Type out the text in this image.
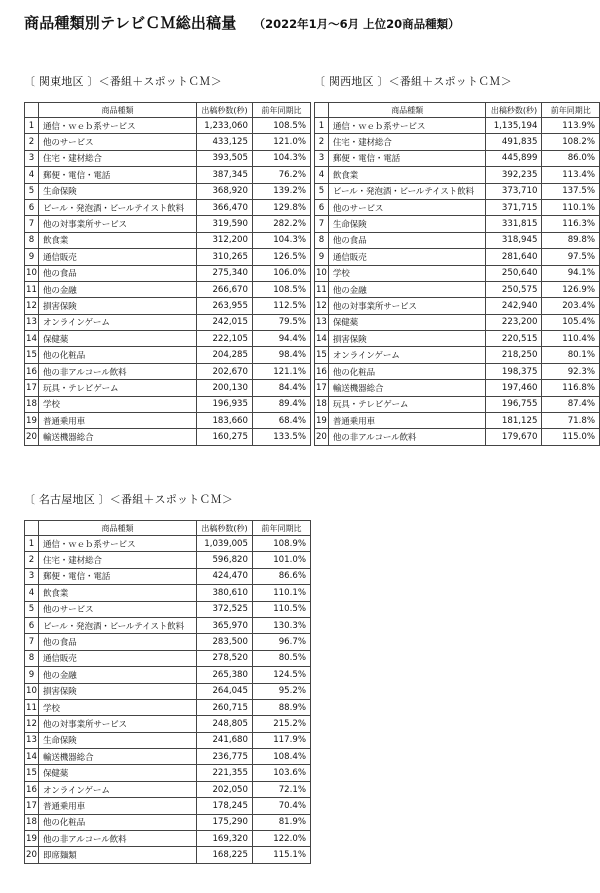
商品種類別テレビＣＭ総出稿量 （2022年1月～6月 上位20商品種類）
〔 関東地区 〕＜番組＋スポットＣＭ＞
	商品種類	出稿秒数(秒)	前年同期比
1	通信・ｗｅｂ系サービス	1,233,060	108.5%
2	他のサービス	433,125	121.0%
3	住宅・建材総合	393,505	104.3%
4	郵便・電信・電話	387,345	76.2%
5	生命保険	368,920	139.2%
6	ビール・発泡酒・ビールテイスト飲料	366,470	129.8%
7	他の対事業所サービス	319,590	282.2%
8	飲食業	312,200	104.3%
9	通信販売	310,265	126.5%
10	他の食品	275,340	106.0%
11	他の金融	266,670	108.5%
12	損害保険	263,955	112.5%
13	オンラインゲーム	242,015	79.5%
14	保健薬	222,105	94.4%
15	他の化粧品	204,285	98.4%
16	他の非アルコール飲料	202,670	121.1%
17	玩具・テレビゲーム	200,130	84.4%
18	学校	196,935	89.4%
19	普通乗用車	183,660	68.4%
20	輸送機器総合	160,275	133.5%
〔 関西地区 〕＜番組＋スポットＣＭ＞
	商品種類	出稿秒数(秒)	前年同期比
1	通信・ｗｅｂ系サービス	1,135,194	113.9%
2	住宅・建材総合	491,835	108.2%
3	郵便・電信・電話	445,899	86.0%
4	飲食業	392,235	113.4%
5	ビール・発泡酒・ビールテイスト飲料	373,710	137.5%
6	他のサービス	371,715	110.1%
7	生命保険	331,815	116.3%
8	他の食品	318,945	89.8%
9	通信販売	281,640	97.5%
10	学校	250,640	94.1%
11	他の金融	250,575	126.9%
12	他の対事業所サービス	242,940	203.4%
13	保健薬	223,200	105.4%
14	損害保険	220,515	110.4%
15	オンラインゲーム	218,250	80.1%
16	他の化粧品	198,375	92.3%
17	輸送機器総合	197,460	116.8%
18	玩具・テレビゲーム	196,755	87.4%
19	普通乗用車	181,125	71.8%
20	他の非アルコール飲料	179,670	115.0%
〔 名古屋地区 〕＜番組＋スポットＣＭ＞
	商品種類	出稿秒数(秒)	前年同期比
1	通信・ｗｅｂ系サービス	1,039,005	108.9%
2	住宅・建材総合	596,820	101.0%
3	郵便・電信・電話	424,470	86.6%
4	飲食業	380,610	110.1%
5	他のサービス	372,525	110.5%
6	ビール・発泡酒・ビールテイスト飲料	365,970	130.3%
7	他の食品	283,500	96.7%
8	通信販売	278,520	80.5%
9	他の金融	265,380	124.5%
10	損害保険	264,045	95.2%
11	学校	260,715	88.9%
12	他の対事業所サービス	248,805	215.2%
13	生命保険	241,680	117.9%
14	輸送機器総合	236,775	108.4%
15	保健薬	221,355	103.6%
16	オンラインゲーム	202,050	72.1%
17	普通乗用車	178,245	70.4%
18	他の化粧品	175,290	81.9%
19	他の非アルコール飲料	169,320	122.0%
20	即席麺類	168,225	115.1%
